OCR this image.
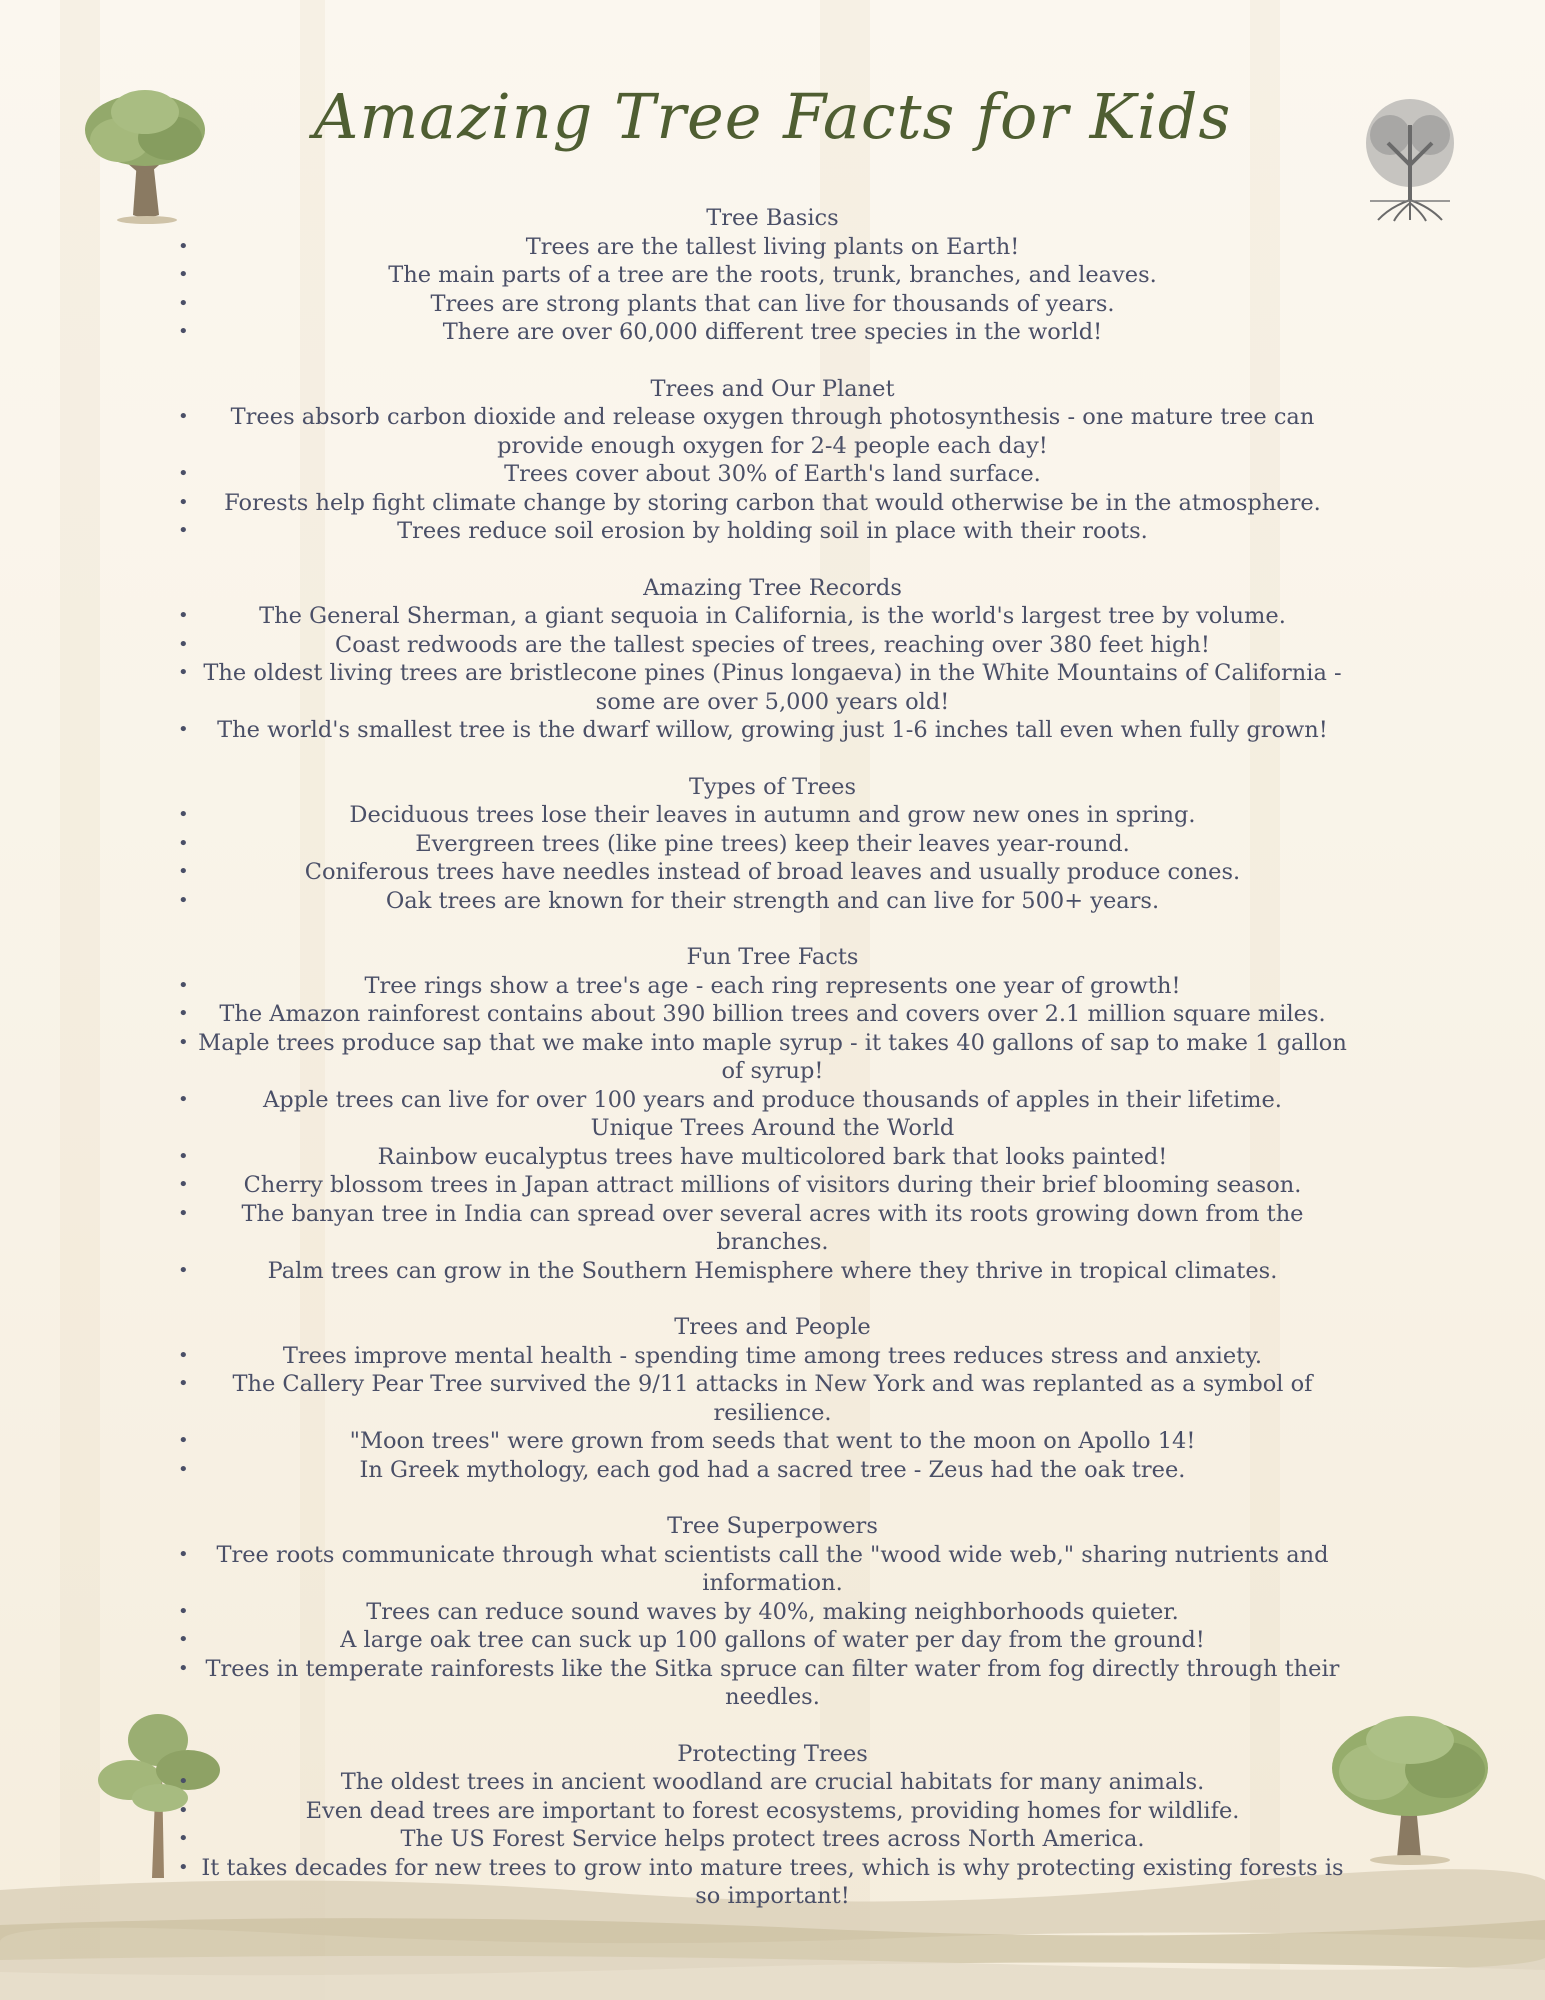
Amazing Tree Facts for Kids
Tree Basics
• Trees are the tallest living plants on Earth!
• The main parts of a tree are the roots, trunk, branches, and leaves.
• Trees are strong plants that can live for thousands of years.
• There are over 60,000 different tree species in the world!
Trees and Our Planet
• Trees absorb carbon dioxide and release oxygen through photosynthesis - one mature tree can provide enough oxygen for 2-4 people each day!
• Trees cover about 30% of Earth's land surface.
• Forests help fight climate change by storing carbon that would otherwise be in the atmosphere.
• Trees reduce soil erosion by holding soil in place with their roots.
Amazing Tree Records
• The General Sherman, a giant sequoia in California, is the world's largest tree by volume.
• Coast redwoods are the tallest species of trees, reaching over 380 feet high!
• The oldest living trees are bristlecone pines (Pinus longaeva) in the White Mountains of California - some are over 5,000 years old!
• The world's smallest tree is the dwarf willow, growing just 1-6 inches tall even when fully grown!
Types of Trees
• Deciduous trees lose their leaves in autumn and grow new ones in spring.
• Evergreen trees (like pine trees) keep their leaves year-round.
• Coniferous trees have needles instead of broad leaves and usually produce cones.
• Oak trees are known for their strength and can live for 500+ years.
Fun Tree Facts
• Tree rings show a tree's age - each ring represents one year of growth!
• The Amazon rainforest contains about 390 billion trees and covers over 2.1 million square miles.
• Maple trees produce sap that we make into maple syrup - it takes 40 gallons of sap to make 1 gallon of syrup!
• Apple trees can live for over 100 years and produce thousands of apples in their lifetime.
Unique Trees Around the World
• Rainbow eucalyptus trees have multicolored bark that looks painted!
• Cherry blossom trees in Japan attract millions of visitors during their brief blooming season.
• The banyan tree in India can spread over several acres with its roots growing down from the branches.
• Palm trees can grow in the Southern Hemisphere where they thrive in tropical climates.
Trees and People
• Trees improve mental health - spending time among trees reduces stress and anxiety.
• The Callery Pear Tree survived the 9/11 attacks in New York and was replanted as a symbol of resilience.
• "Moon trees" were grown from seeds that went to the moon on Apollo 14!
• In Greek mythology, each god had a sacred tree - Zeus had the oak tree.
Tree Superpowers
• Tree roots communicate through what scientists call the "wood wide web," sharing nutrients and information.
• Trees can reduce sound waves by 40%, making neighborhoods quieter.
• A large oak tree can suck up 100 gallons of water per day from the ground!
• Trees in temperate rainforests like the Sitka spruce can filter water from fog directly through their needles.
Protecting Trees
• The oldest trees in ancient woodland are crucial habitats for many animals.
• Even dead trees are important to forest ecosystems, providing homes for wildlife.
• The US Forest Service helps protect trees across North America.
• It takes decades for new trees to grow into mature trees, which is why protecting existing forests is so important!
